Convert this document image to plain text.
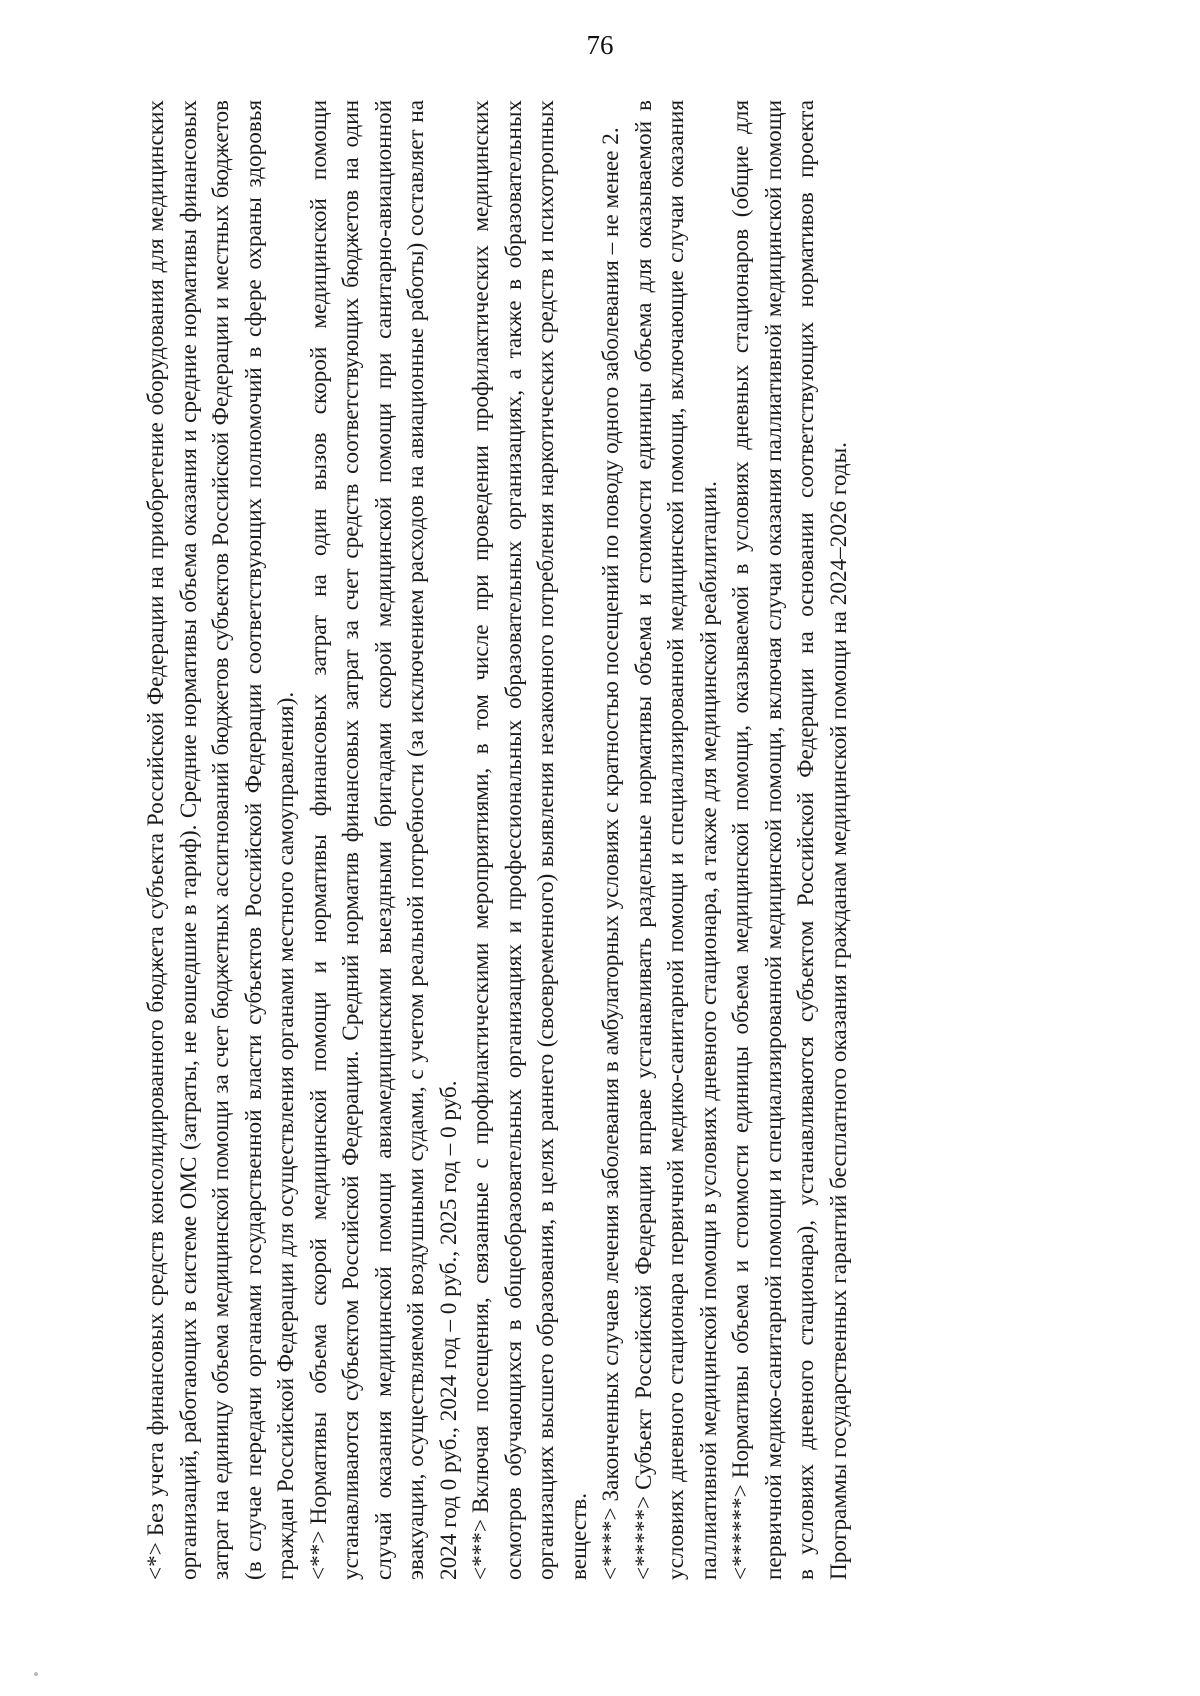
76

<*>Без учета финансовых средств консолидированного бюджета субъекта Российской Федерации на приобретение оборудования для медицинских организаций, работающих в системе ОМС (затраты, не вошедшие в тариф). Средние нормативы объема оказания и средние нормативы финансовых затрат на единицу объема медицинской помощи за счет бюджетных ассигнований бюджетов субъектов Российской Федерации и местных бюджетов (в случае передачи органами государственной власти субъектов Российской Федерации соответствующих полномочий в сфере охраны здоровья граждан Российской Федерации для осуществления органами местного самоуправления). <**>Нормативы объема скорой медицинской помощи и нормативы финансовых затрат на один вызов скорой медицинской помощи устанавливаются субъектом Российской Федерации. Средний норматив финансовых затрат за счет средств соответствующих бюджетов на один случай оказания медицинской помощи авиамедицинскими выездными бригадами скорой медицинской помощи при санитарно-авиационной эвакуации, осуществляемой воздушными судами, с учетом реальной потребности (за исключением расходов на авиационные работы) составляет на 2024 год 0 руб., 2024 год – 0 руб., 2025 год – 0 руб. <***>Включая посещения, связанные с профилактическими мероприятиями, в том числе при проведении профилактических медицинских осмотров обучающихся в общеобразовательных организациях и профессиональных образовательных организациях, а также в образовательных организациях высшего образования, в целях раннего (своевременного) выявления незаконного потребления наркотических средств и психотропных веществ. <****>Законченных случаев лечения заболевания в амбулаторных условиях с кратностью посещений по поводу одного заболевания – не менее 2.

<*****>Субъект Российской Федерации вправе устанавливать раздельные нормативы объема и стоимости единицы объема для оказываемой в условиях дневного стационара первичной медико-санитарной помощи и специализированной медицинской помощи, включающие случаи оказания паллиативной медицинской помощи в условиях дневного стационара, а также для медицинской реабилитации. <******>Нормативы объема и стоимости единицы объема медицинской помощи, оказываемой в условиях дневных стационаров (общие для первичной медико-санитарной помощи и специализированной медицинской помощи, включая случаи оказания паллиативной медицинской помощи в условиях дневного стационара), устанавливаются субъектом Российской Федерации на основании соответствующих нормативов проекта Программы государственных гарантий бесплатного оказания гражданам медицинской помощи на 2024–2026 годы.
